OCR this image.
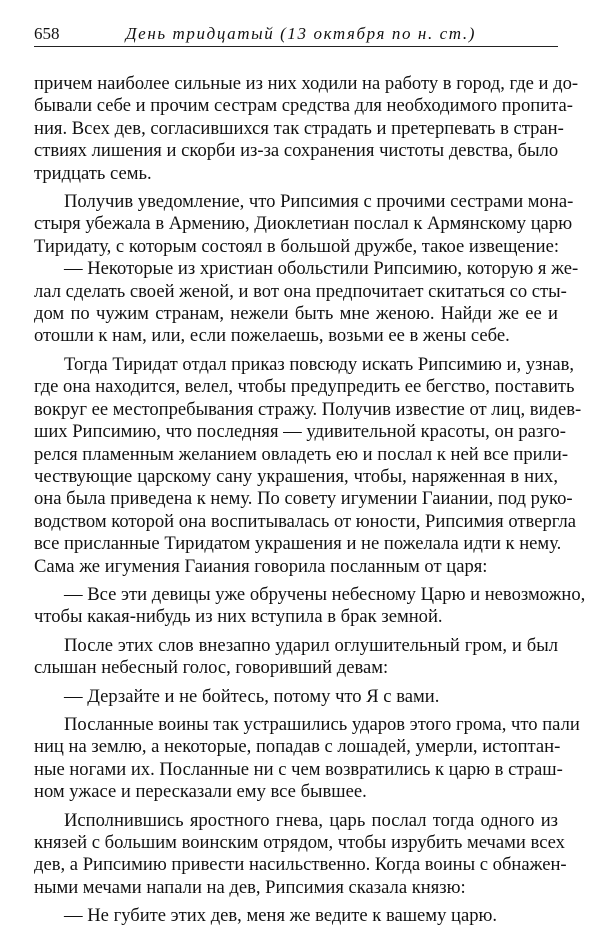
658	День тридцатый (13 октября по н. ст.)

причем наиболее сильные из них ходили на работу в город, где и до-
бывали себе и прочим сестрам средства для необходимого пропита-
ния. Всех дев, согласившихся так страдать и претерпевать в стран-
ствиях лишения и скорби из-за сохранения чистоты девства, было
тридцать семь.

Получив уведомление, что Рипсимия с прочими сестрами мона-
стыря убежала в Армению, Диоклетиан послал к Армянскому царю
Тиридату, с которым состоял в большой дружбе, такое извещение:

— Некоторые из христиан обольстили Рипсимию, которую я же-
лал сделать своей женой, и вот она предпочитает скитаться со сты-
дом по чужим странам, нежели быть мне женою. Найди же ее и
отошли к нам, или, если пожелаешь, возьми ее в жены себе.

Тогда Тиридат отдал приказ повсюду искать Рипсимию и, узнав,
где она находится, велел, чтобы предупредить ее бегство, поставить
вокруг ее местопребывания стражу. Получив известие от лиц, видев-
ших Рипсимию, что последняя — удивительной красоты, он разго-
релся пламенным желанием овладеть ею и послал к ней все прили-
чествующие царскому сану украшения, чтобы, наряженная в них,
она была приведена к нему. По совету игумении Гаиании, под руко-
водством которой она воспитывалась от юности, Рипсимия отвергла
все присланные Тиридатом украшения и не пожелала идти к нему.
Сама же игумения Гаиания говорила посланным от царя:

— Все эти девицы уже обручены небесному Царю и невозможно,
чтобы какая-нибудь из них вступила в брак земной.

После этих слов внезапно ударил оглушительный гром, и был
слышан небесный голос, говоривший девам:

— Дерзайте и не бойтесь, потому что Я с вами.

Посланные воины так устрашились ударов этого грома, что пали
ниц на землю, а некоторые, попадав с лошадей, умерли, истоптан-
ные ногами их. Посланные ни с чем возвратились к царю в страш-
ном ужасе и пересказали ему все бывшее.

Исполнившись яростного гнева, царь послал тогда одного из
князей с большим воинским отрядом, чтобы изрубить мечами всех
дев, а Рипсимию привести насильственно. Когда воины с обнажен-
ными мечами напали на дев, Рипсимия сказала князю:

— Не губите этих дев, меня же ведите к вашему царю.
